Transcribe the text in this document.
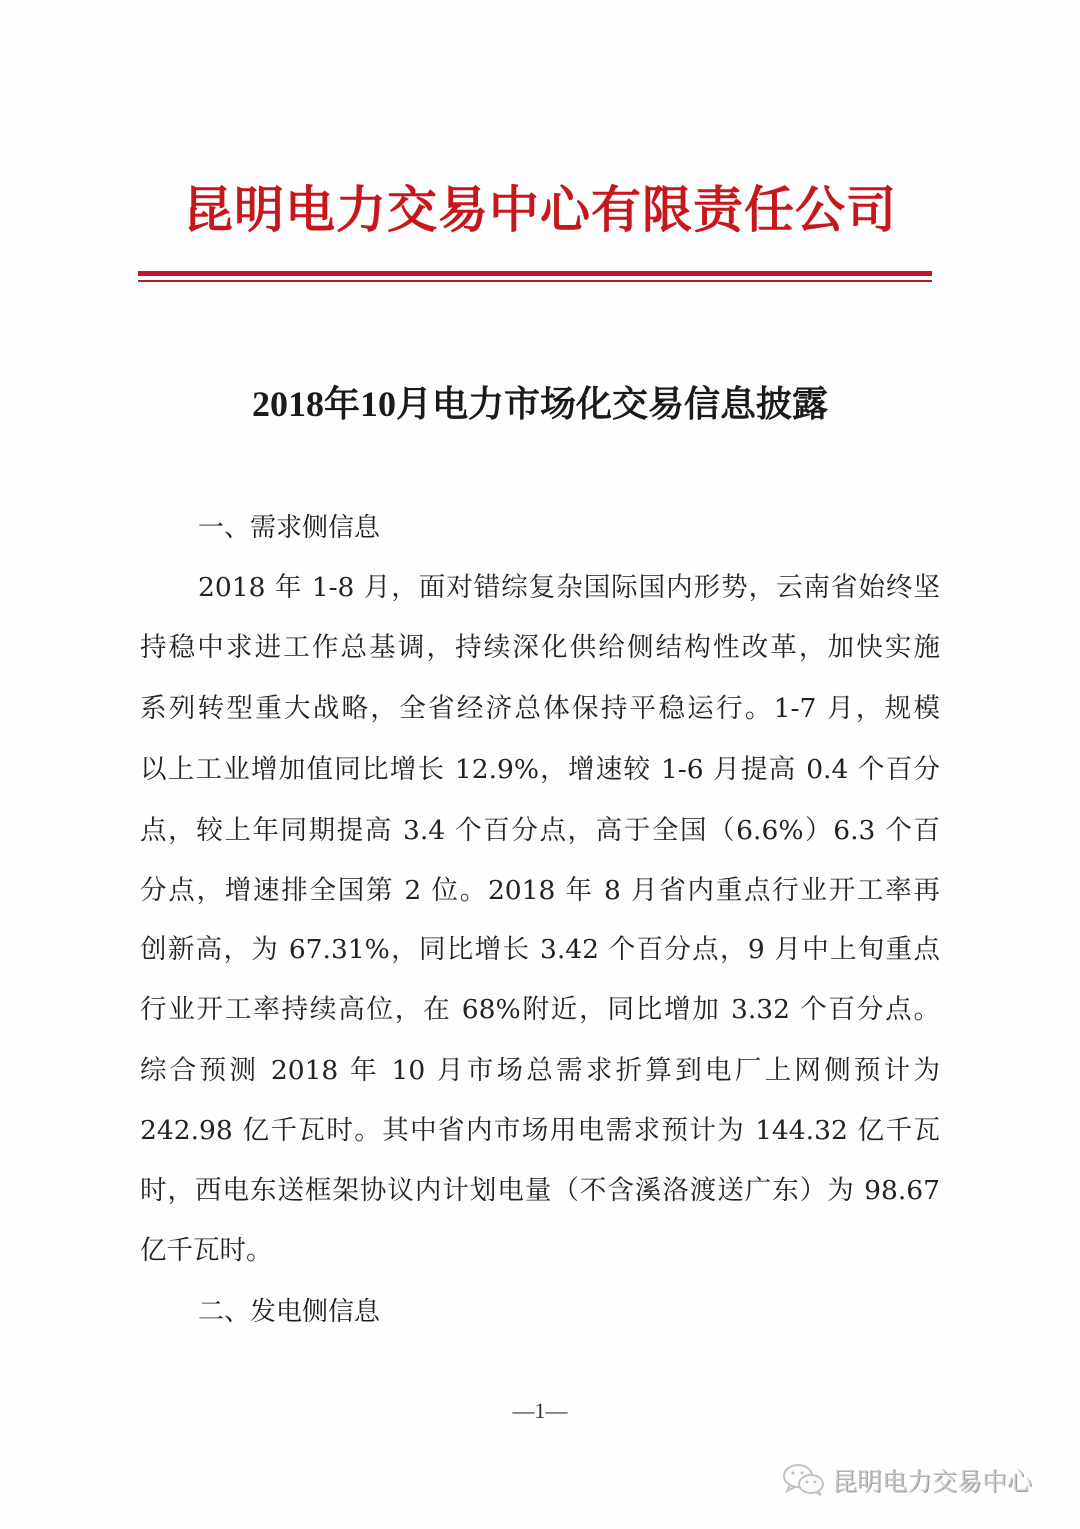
昆明电力交易中心有限责任公司
2018年10月电力市场化交易信息披露
一、需求侧信息
2018 年 1-8 月，面对错综复杂国际国内形势，云南省始终坚
持稳中求进工作总基调，持续深化供给侧结构性改革，加快实施
系列转型重大战略，全省经济总体保持平稳运行。1-7 月，规模
以上工业增加值同比增长 12.9%，增速较 1-6 月提高 0.4 个百分
点，较上年同期提高 3.4 个百分点，高于全国（6.6%）6.3 个百
分点，增速排全国第 2 位。2018 年 8 月省内重点行业开工率再
创新高，为 67.31%，同比增长 3.42 个百分点，9 月中上旬重点
行业开工率持续高位，在 68%附近，同比增加 3.32 个百分点。
综合预测 2018 年 10 月市场总需求折算到电厂上网侧预计为
242.98 亿千瓦时。其中省内市场用电需求预计为 144.32 亿千瓦
时，西电东送框架协议内计划电量（不含溪洛渡送广东）为 98.67
亿千瓦时。
二、发电侧信息
—1—
昆明电力交易中心
